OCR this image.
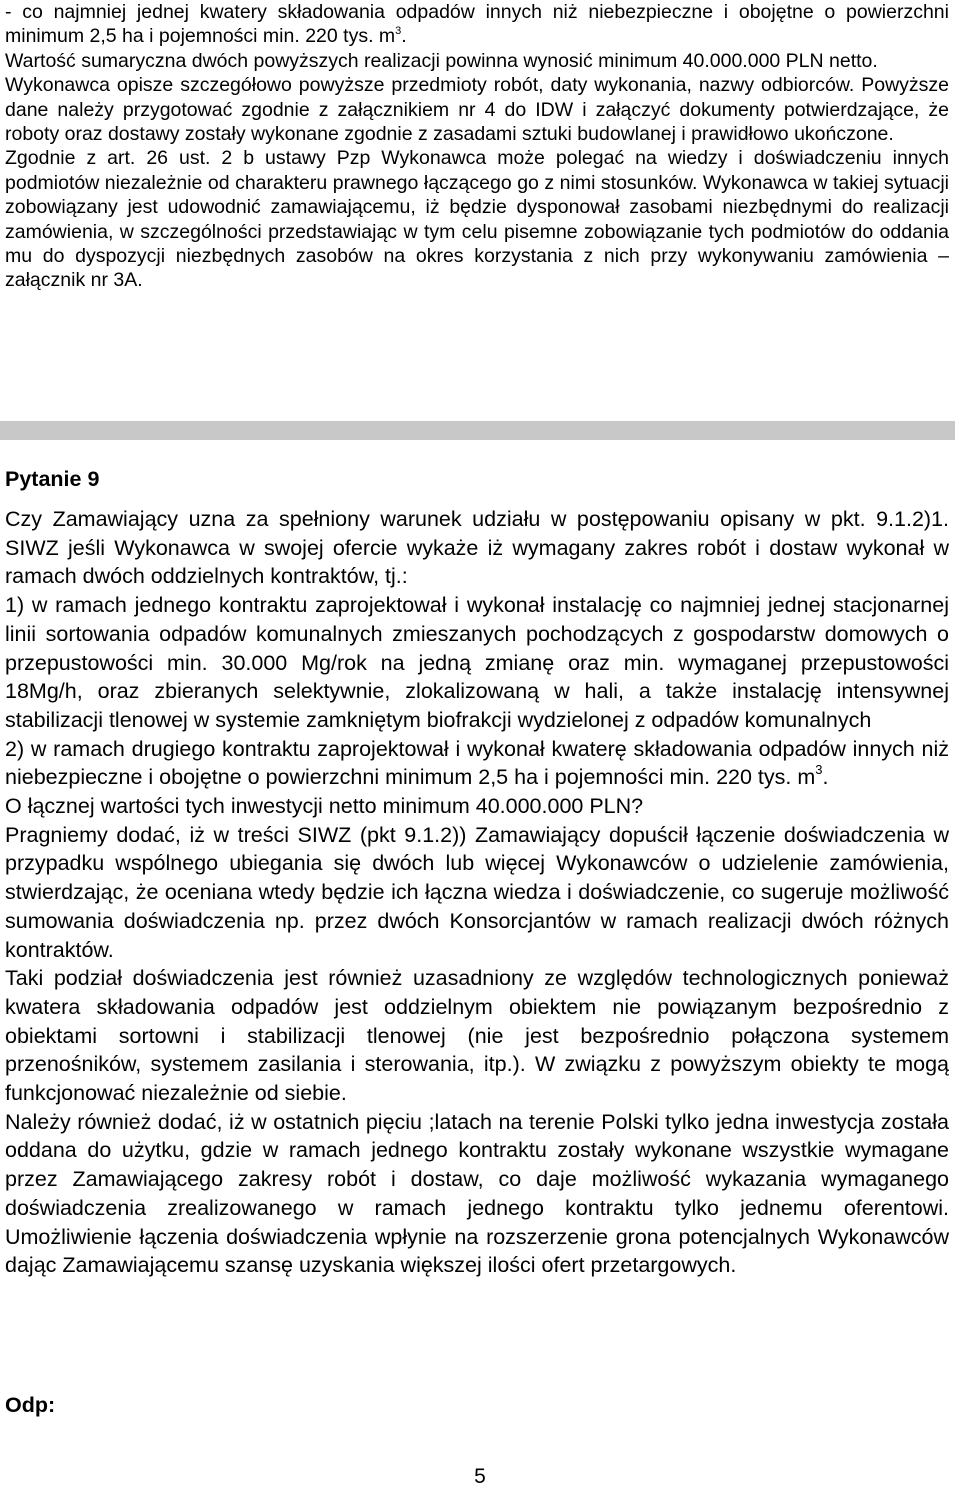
- co najmniej jednej kwatery składowania odpadów innych niż niebezpieczne i obojętne o powierzchni minimum 2,5 ha i pojemności min. 220 tys. $m^3$.

Wartość sumaryczna dwóch powyższych realizacji powinna wynosić minimum 40.000.000 PLN netto.

Wykonawca opisze szczegółowo powyższe przedmioty robót, daty wykonania, nazwy odbiorców. Powyższe dane należy przygotować zgodnie z załącznikiem nr 4 do IDW i załączyć dokumenty potwierdzające, że roboty oraz dostawy zostały wykonane zgodnie z zasadami sztuki budowlanej i prawidłowo ukończone.

Zgodnie z art. 26 ust. 2 b ustawy Pzp Wykonawca może polegać na wiedzy i doświadczeniu innych podmiotów niezależnie od charakteru prawnego łączącego go z nimi stosunków. Wykonawca w takiej sytuacji zobowiązany jest udowodnić zamawiającemu, iż będzie dysponował zasobami niezbędnymi do realizacji zamówienia, w szczególności przedstawiając w tym celu pisemne zobowiązanie tych podmiotów do oddania mu do dyspozycji niezbędnych zasobów na okres korzystania z nich przy wykonywaniu zamówienia – załącznik nr 3A.

Pytanie 9

Czy Zamawiający uzna za spełniony warunek udziału w postępowaniu opisany w pkt. 9.1.2)1. SIWZ jeśli Wykonawca w swojej ofercie wykaże iż wymagany zakres robót i dostaw wykonał w ramach dwóch oddzielnych kontraktów, tj.:

1) w ramach jednego kontraktu zaprojektował i wykonał instalację co najmniej jednej stacjonarnej linii sortowania odpadów komunalnych zmieszanych pochodzących z gospodarstw domowych o przepustowości min. 30.000 Mg/rok na jedną zmianę oraz min. wymaganej przepustowości 18Mg/h, oraz zbieranych selektywnie, zlokalizowaną w hali, a także instalację intensywnej stabilizacji tlenowej w systemie zamkniętym biofrakcji wydzielonej z odpadów komunalnych

2) w ramach drugiego kontraktu zaprojektował i wykonał kwaterę składowania odpadów innych niż niebezpieczne i obojętne o powierzchni minimum 2,5 ha i pojemności min. 220 tys. $m^3$.

O łącznej wartości tych inwestycji netto minimum 40.000.000 PLN?

Pragniemy dodać, iż w treści SIWZ (pkt 9.1.2)) Zamawiający dopuścił łączenie doświadczenia w przypadku wspólnego ubiegania się dwóch lub więcej Wykonawców o udzielenie zamówienia, stwierdzając, że oceniana wtedy będzie ich łączna wiedza i doświadczenie, co sugeruje możliwość sumowania doświadczenia np. przez dwóch Konsorcjantów w ramach realizacji dwóch różnych kontraktów.

Taki podział doświadczenia jest również uzasadniony ze względów technologicznych ponieważ kwatera składowania odpadów jest oddzielnym obiektem nie powiązanym bezpośrednio z obiektami sortowni i stabilizacji tlenowej (nie jest bezpośrednio połączona systemem przenośników, systemem zasilania i sterowania, itp.). W związku z powyższym obiekty te mogą funkcjonować niezależnie od siebie.

Należy również dodać, iż w ostatnich pięciu ;latach na terenie Polski tylko jedna inwestycja została oddana do użytku, gdzie w ramach jednego kontraktu zostały wykonane wszystkie wymagane przez Zamawiającego zakresy robót i dostaw, co daje możliwość wykazania wymaganego doświadczenia zrealizowanego w ramach jednego kontraktu tylko jednemu oferentowi. Umożliwienie łączenia doświadczenia wpłynie na rozszerzenie grona potencjalnych Wykonawców dając Zamawiającemu szansę uzyskania większej ilości ofert przetargowych.

Odp:
5
